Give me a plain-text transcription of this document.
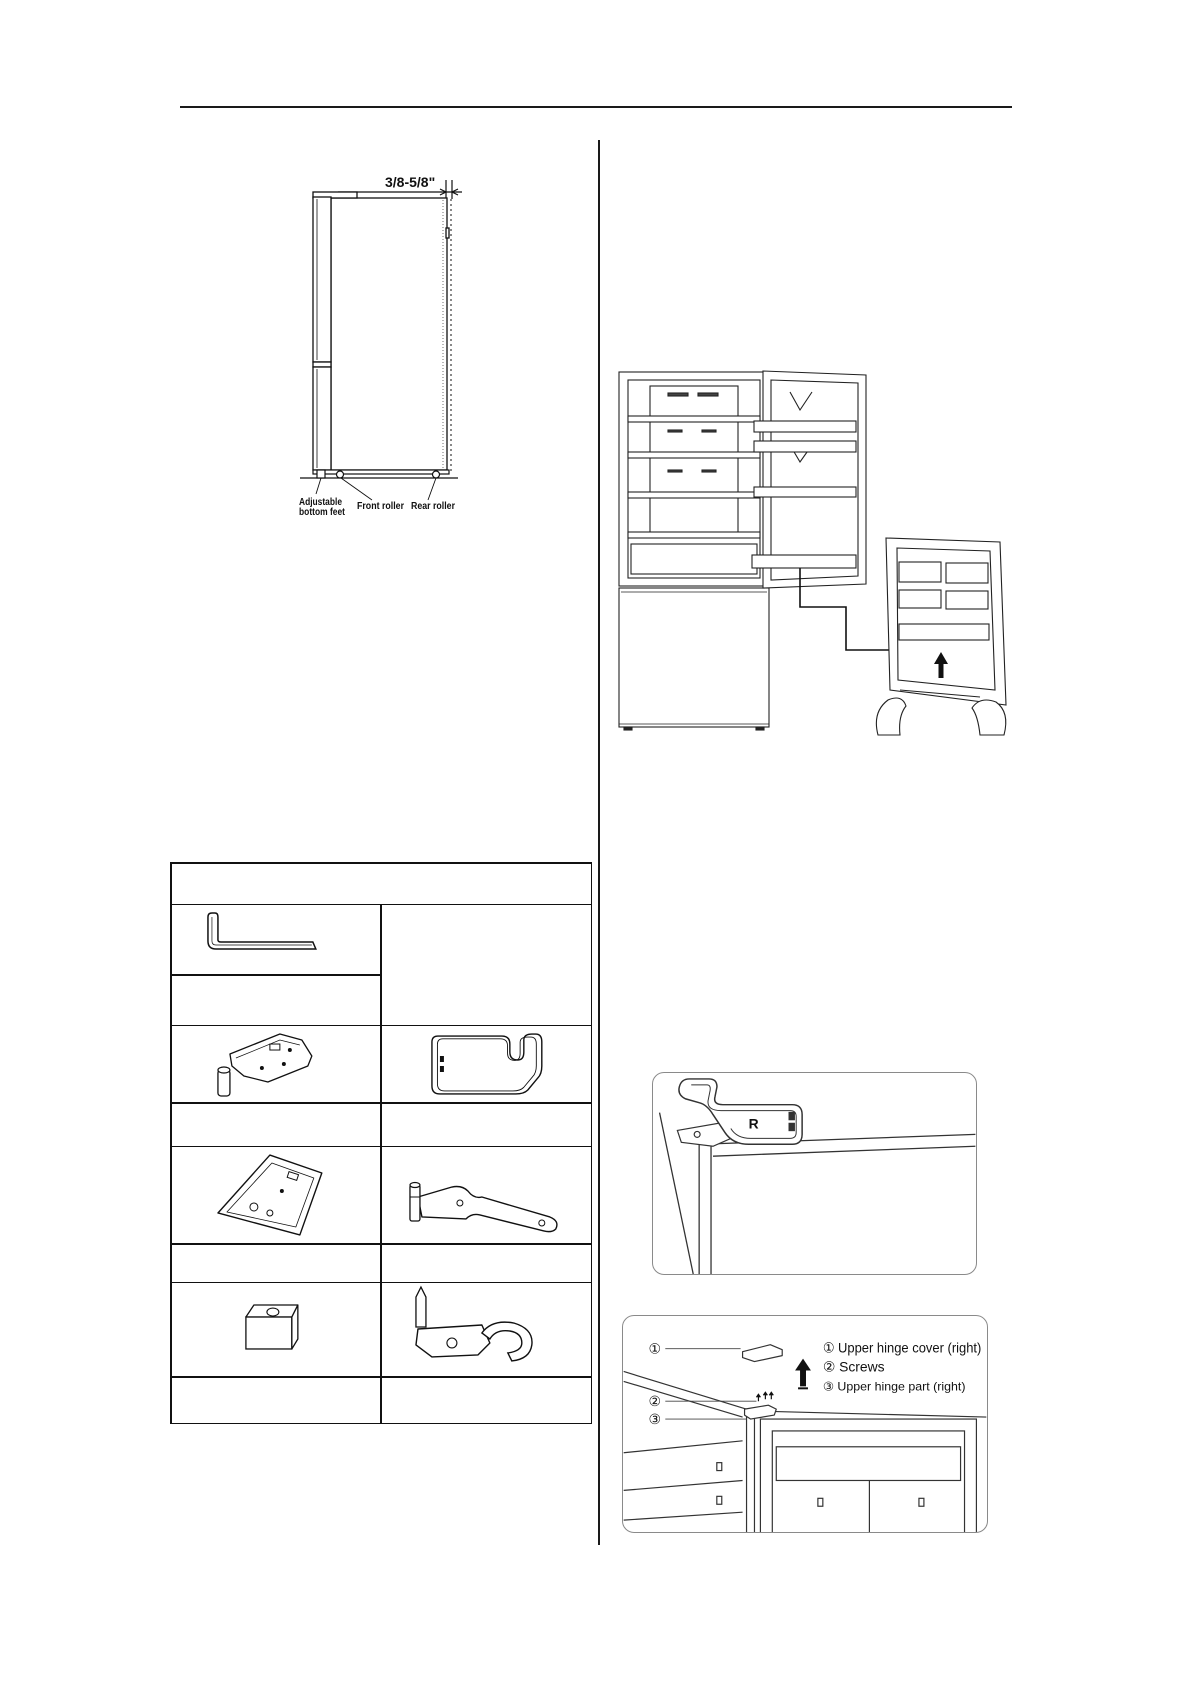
3/8-5/8"
Adjustable
bottom feet
Front roller Rear roller
R
①
②
③
① Upper hinge cover (right)
② Screws
③ Upper hinge part (right)
